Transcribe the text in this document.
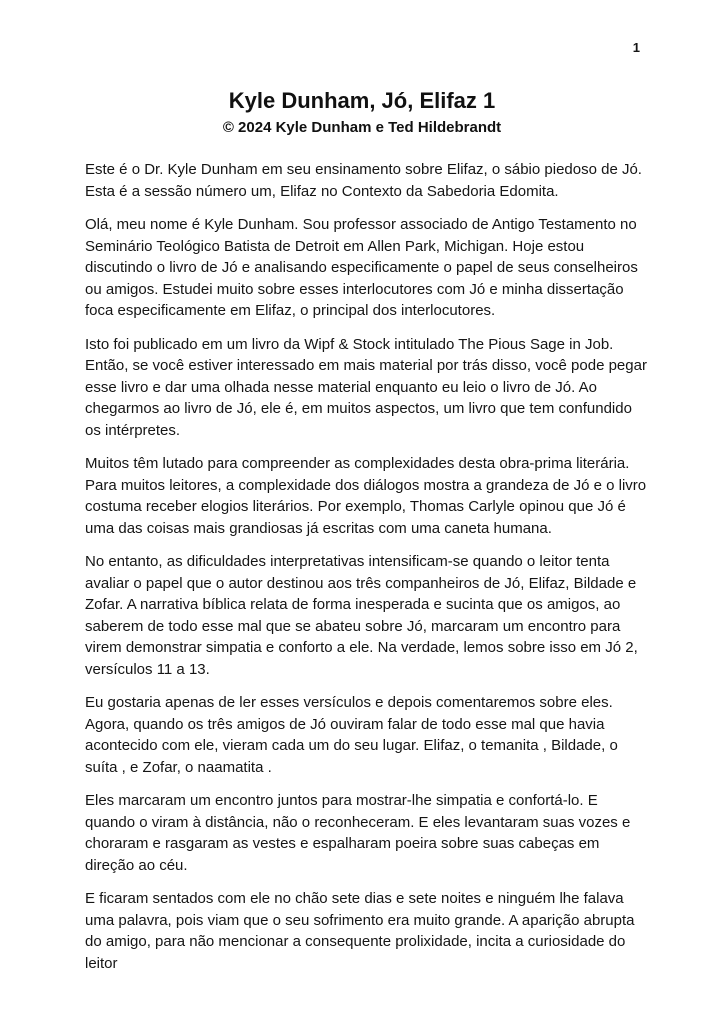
1
Kyle Dunham, Jó, Elifaz 1

© 2024 Kyle Dunham e Ted Hildebrandt

Este é o Dr. Kyle Dunham em seu ensinamento sobre Elifaz, o sábio piedoso de Jó. Esta é a sessão número um, Elifaz no Contexto da Sabedoria Edomita.

Olá, meu nome é Kyle Dunham. Sou professor associado de Antigo Testamento no Seminário Teológico Batista de Detroit em Allen Park, Michigan. Hoje estou discutindo o livro de Jó e analisando especificamente o papel de seus conselheiros ou amigos. Estudei muito sobre esses interlocutores com Jó e minha dissertação foca especificamente em Elifaz, o principal dos interlocutores.

Isto foi publicado em um livro da Wipf & Stock intitulado The Pious Sage in Job. Então, se você estiver interessado em mais material por trás disso, você pode pegar esse livro e dar uma olhada nesse material enquanto eu leio o livro de Jó. Ao chegarmos ao livro de Jó, ele é, em muitos aspectos, um livro que tem confundido os intérpretes.

Muitos têm lutado para compreender as complexidades desta obra-prima literária. Para muitos leitores, a complexidade dos diálogos mostra a grandeza de Jó e o livro costuma receber elogios literários. Por exemplo, Thomas Carlyle opinou que Jó é uma das coisas mais grandiosas já escritas com uma caneta humana.

No entanto, as dificuldades interpretativas intensificam-se quando o leitor tenta avaliar o papel que o autor destinou aos três companheiros de Jó, Elifaz, Bildade e Zofar. A narrativa bíblica relata de forma inesperada e sucinta que os amigos, ao saberem de todo esse mal que se abateu sobre Jó, marcaram um encontro para virem demonstrar simpatia e conforto a ele. Na verdade, lemos sobre isso em Jó 2, versículos 11 a 13.

Eu gostaria apenas de ler esses versículos e depois comentaremos sobre eles. Agora, quando os três amigos de Jó ouviram falar de todo esse mal que havia acontecido com ele, vieram cada um do seu lugar. Elifaz, o temanita , Bildade, o suíta , e Zofar, o naamatita .

Eles marcaram um encontro juntos para mostrar-lhe simpatia e confortá-lo. E quando o viram à distância, não o reconheceram. E eles levantaram suas vozes e choraram e rasgaram as vestes e espalharam poeira sobre suas cabeças em direção ao céu.

E ficaram sentados com ele no chão sete dias e sete noites e ninguém lhe falava uma palavra, pois viam que o seu sofrimento era muito grande. A aparição abrupta do amigo, para não mencionar a consequente prolixidade, incita a curiosidade do leitor
